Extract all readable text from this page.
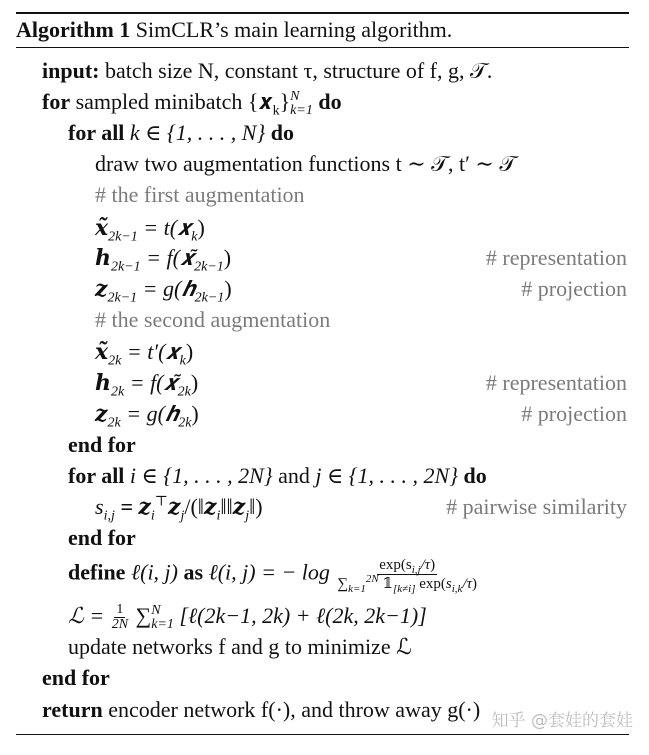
Algorithm 1 SimCLR’s main learning algorithm.
input: batch size N, constant τ, structure of f, g, 𝒯.
for sampled minibatch {𝒙$_k$} N
k=1 do
for all k ∈ {1, . . . , N} do
draw two augmentation functions t ∼ 𝒯, t′ ∼ 𝒯
# the first augmentation
$𝒙̃_{2k-1}$ = t(𝒙$_k$)
𝒉$_{2k-1}$ = $f(𝒙̃_{2k-1})$	# representation
𝒛$_{2k-1}$ = g(𝒉$_{2k-1}$)	# projection
# the second augmentation
$𝒙̃_{2k}$ = t′(𝒙$_k$)
𝒉$_{2k}$ = $f(𝒙̃_{2k})$	# representation
𝒛$_{2k}$ = g(𝒉$_{2k}$)	# projection
end for
for all i ∈ {1, . . . , 2N} and j ∈ {1, . . . , 2N} do
$s_{i,j}$ = 𝒛$_i$⊤𝒛$_j$/(‖𝒛$_i$‖‖𝒛$_j$‖)	# pairwise similarity
end for
define ℓ(i, j) as ℓ(i, j) = − $\log \frac{\exp(s_{i,j}/\tau)}{\sum_{k=1}^{2N} 𝟙_{[k\ne i]} \exp(s_{i,k}/\tau)}$
ℒ = $\frac{1}{2N}$ ∑ N
k=1 [ℓ(2k−1, 2k) + ℓ(2k, 2k−1)]
update networks f and g to minimize ℒ
end for
return encoder network f(·), and throw away g(·) 知乎 @套娃的套娃
